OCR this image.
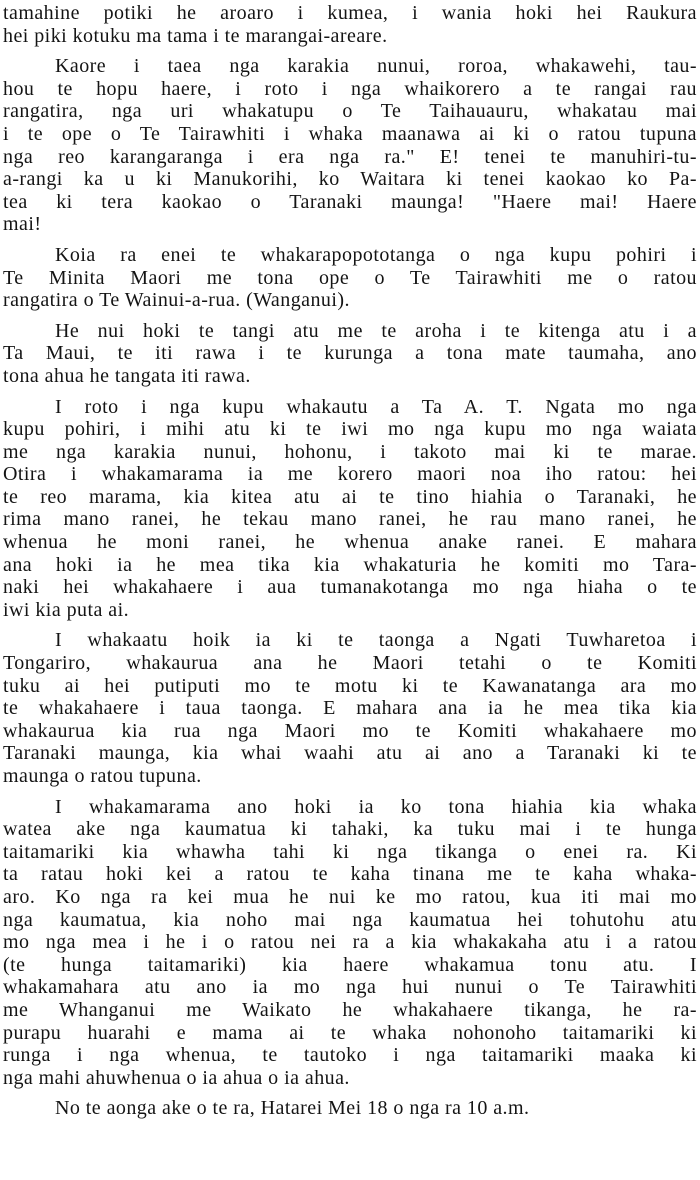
tamahine potiki he aroaro i kumea, i wania hoki hei Raukura
hei piki kotuku ma tama i te marangai-areare.
Kaore i taea nga karakia nunui, roroa, whakawehi, tau-
hou te hopu haere, i roto i nga whaikorero a te rangai rau
rangatira, nga uri whakatupu o Te Taihauauru, whakatau mai
i te ope o Te Tairawhiti i whaka maanawa ai ki o ratou tupuna
nga reo karangaranga i era nga ra." E! tenei te manuhiri-tu-
a-rangi ka u ki Manukorihi, ko Waitara ki tenei kaokao ko Pa-
tea ki tera kaokao o Taranaki maunga! "Haere mai! Haere
mai!
Koia ra enei te whakarapopototanga o nga kupu pohiri i
Te Minita Maori me tona ope o Te Tairawhiti me o ratou
rangatira o Te Wainui-a-rua. (Wanganui).
He nui hoki te tangi atu me te aroha i te kitenga atu i a
Ta Maui, te iti rawa i te kurunga a tona mate taumaha, ano
tona ahua he tangata iti rawa.
I roto i nga kupu whakautu a Ta A. T. Ngata mo nga
kupu pohiri, i mihi atu ki te iwi mo nga kupu mo nga waiata
me nga karakia nunui, hohonu, i takoto mai ki te marae.
Otira i whakamarama ia me korero maori noa iho ratou: hei
te reo marama, kia kitea atu ai te tino hiahia o Taranaki, he
rima mano ranei, he tekau mano ranei, he rau mano ranei, he
whenua he moni ranei, he whenua anake ranei. E mahara
ana hoki ia he mea tika kia whakaturia he komiti mo Tara-
naki hei whakahaere i aua tumanakotanga mo nga hiaha o te
iwi kia puta ai.
I whakaatu hoik ia ki te taonga a Ngati Tuwharetoa i
Tongariro, whakaurua ana he Maori tetahi o te Komiti
tuku ai hei putiputi mo te motu ki te Kawanatanga ara mo
te whakahaere i taua taonga. E mahara ana ia he mea tika kia
whakaurua kia rua nga Maori mo te Komiti whakahaere mo
Taranaki maunga, kia whai waahi atu ai ano a Taranaki ki te
maunga o ratou tupuna.
I whakamarama ano hoki ia ko tona hiahia kia whaka
watea ake nga kaumatua ki tahaki, ka tuku mai i te hunga
taitamariki kia whawha tahi ki nga tikanga o enei ra. Ki
ta ratau hoki kei a ratou te kaha tinana me te kaha whaka-
aro. Ko nga ra kei mua he nui ke mo ratou, kua iti mai mo
nga kaumatua, kia noho mai nga kaumatua hei tohutohu atu
mo nga mea i he i o ratou nei ra a kia whakakaha atu i a ratou
(te hunga taitamariki) kia haere whakamua tonu atu. I
whakamahara atu ano ia mo nga hui nunui o Te Tairawhiti
me Whanganui me Waikato he whakahaere tikanga, he ra-
purapu huarahi e mama ai te whaka nohonoho taitamariki ki
runga i nga whenua, te tautoko i nga taitamariki maaka ki
nga mahi ahuwhenua o ia ahua o ia ahua.
No te aonga ake o te ra, Hatarei Mei 18 o nga ra 10 a.m.
